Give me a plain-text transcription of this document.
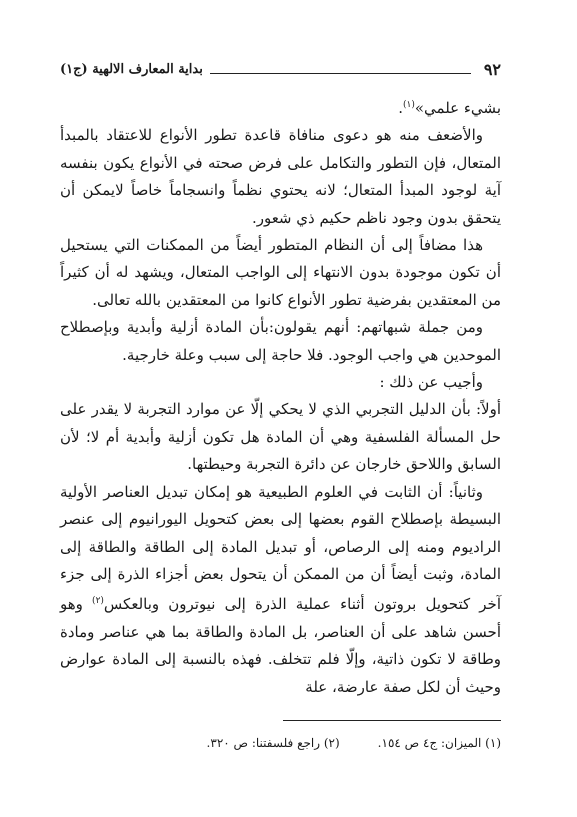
٩٢
بداية المعارف الالهية (ج١)

بشيء علمي»$^{(١)}$.

والأضعف منه هو دعوى منافاة قاعدة تطور الأنواع للاعتقاد بالمبدأ المتعال، فإن التطور والتكامل على فرض صحته في الأنواع يكون بنفسه آية لوجود المبدأ المتعال؛ لانه يحتوي نظماً وانسجاماً خاصاً لايمكن أن يتحقق بدون وجود ناظم حكيم ذي شعور.

هذا مضافاً إلى أن النظام المتطور أيضاً من الممكنات التي يستحيل أن تكون موجودة بدون الانتهاء إلى الواجب المتعال، ويشهد له أن كثيراً من المعتقدين بفرضية تطور الأنواع كانوا من المعتقدين بالله تعالى.

ومن جملة شبهاتهم: أنهم يقولون:بأن المادة أزلية وأبدية وبإصطلاح الموحدين هي واجب الوجود. فلا حاجة إلى سبب وعلة خارجية.

وأجيب عن ذلك :

أولاً: بأن الدليل التجربي الذي لا يحكي إلّا عن موارد التجربة لا يقدر على حل المسألة الفلسفية وهي أن المادة هل تكون أزلية وأبدية أم لا؛ لأن السابق واللاحق خارجان عن دائرة التجربة وحيطتها.

وثانياً: أن الثابت في العلوم الطبيعية هو إمكان تبديل العناصر الأولية البسيطة بإصطلاح القوم بعضها إلى بعض كتحويل اليورانيوم إلى عنصر الراديوم ومنه إلى الرصاص، أو تبديل المادة إلى الطاقة والطاقة إلى المادة، وثبت أيضاً أن من الممكن أن يتحول بعض أجزاء الذرة إلى جزء آخر كتحويل بروتون أثناء عملية الذرة إلى نيوترون وبالعكس$^{(٢)}$ وهو أحسن شاهد على أن العناصر، بل المادة والطاقة بما هي عناصر ومادة وطاقة لا تكون ذاتية، وإلّا فلم تتخلف. فهذه بالنسبة إلى المادة عوارض وحيث أن لكل صفة عارضة، علة

(١) الميزان: ج٤ ص ١٥٤.
(٢) راجع فلسفتنا: ص ٣٢٠.
